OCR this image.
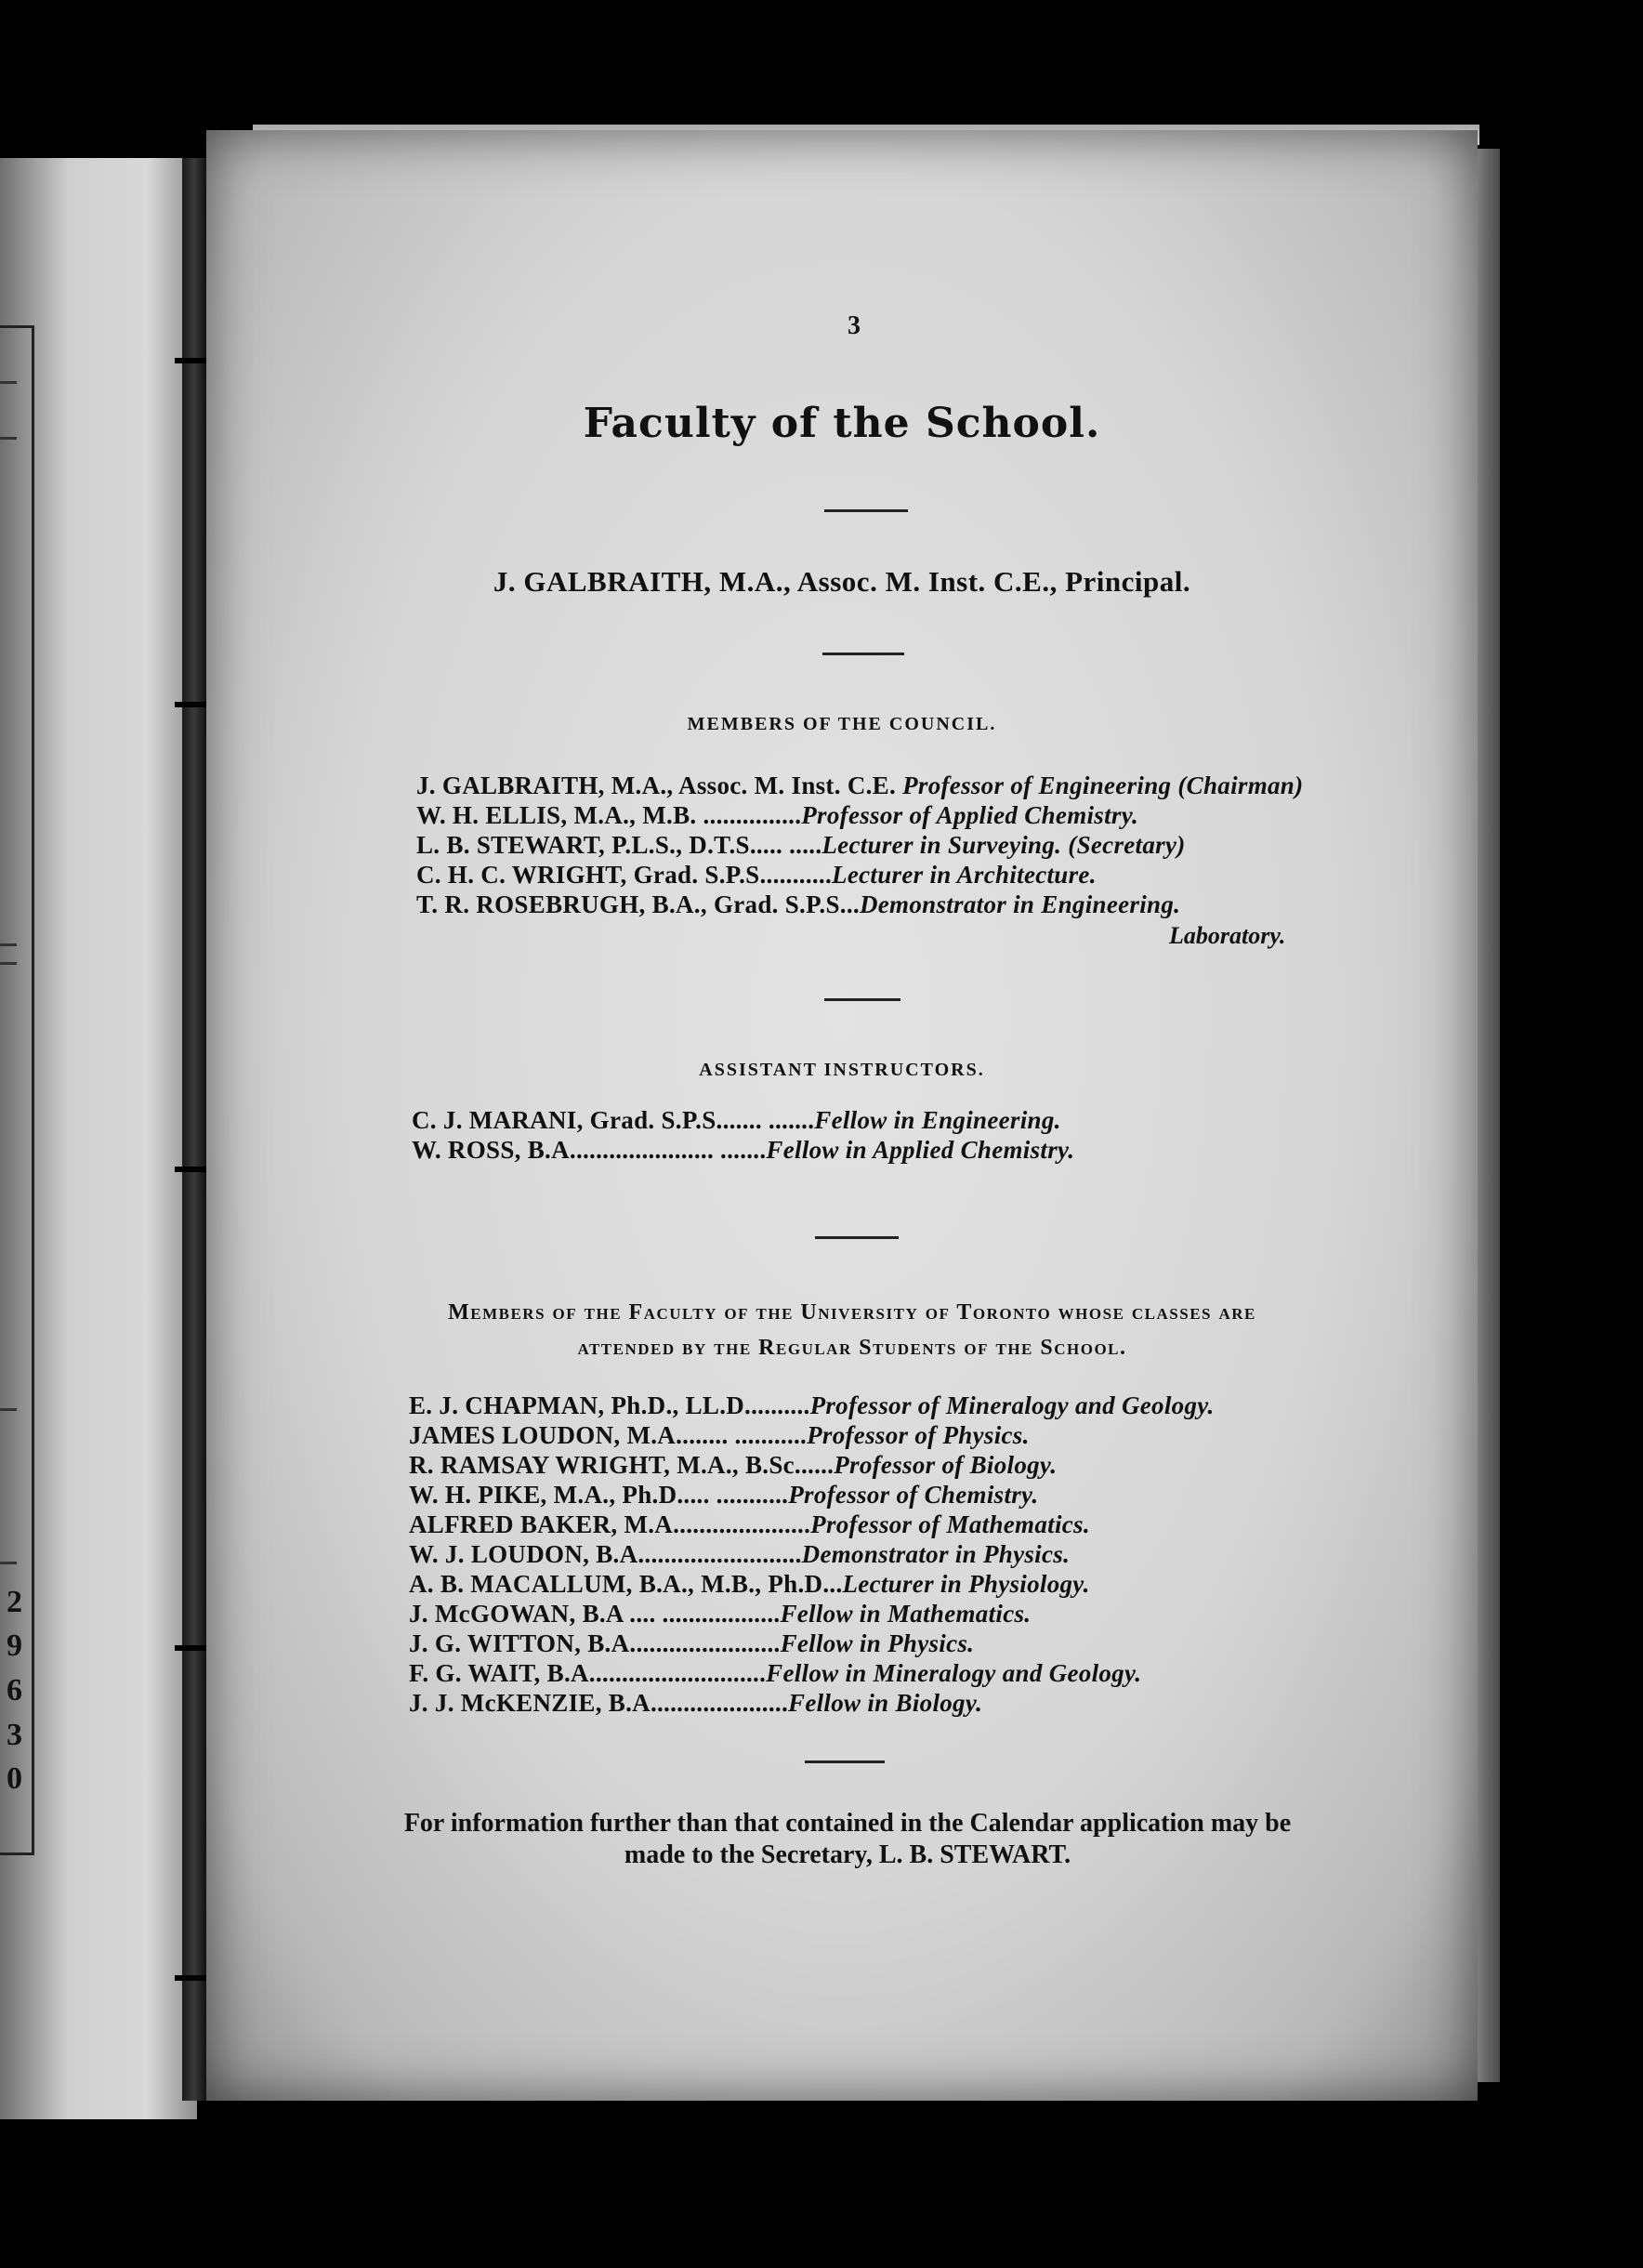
2
9
6
3
0
3
Faculty of the School.
J. GALBRAITH, M.A., Assoc. M. Inst. C.E., Principal.
MEMBERS OF THE COUNCIL.
J. GALBRAITH, M.A., Assoc. M. Inst. C.E. Professor of Engineering (Chairman)
W. H. ELLIS, M.A., M.B. ...............Professor of Applied Chemistry.
L. B. STEWART, P.L.S., D.T.S..... .....Lecturer in Surveying. (Secretary)
C. H. C. WRIGHT, Grad. S.P.S...........Lecturer in Architecture.
T. R. ROSEBRUGH, B.A., Grad. S.P.S...Demonstrator in Engineering.
Laboratory.
ASSISTANT INSTRUCTORS.
C. J. MARANI, Grad. S.P.S....... .......Fellow in Engineering.
W. ROSS, B.A...................... .......Fellow in Applied Chemistry.
Members of the Faculty of the University of Toronto whose classes are attended by the Regular Students of the School.
E. J. CHAPMAN, Ph.D., LL.D..........Professor of Mineralogy and Geology.
JAMES LOUDON, M.A........ ...........Professor of Physics.
R. RAMSAY WRIGHT, M.A., B.Sc......Professor of Biology.
W. H. PIKE, M.A., Ph.D..... ...........Professor of Chemistry.
ALFRED BAKER, M.A.....................Professor of Mathematics.
W. J. LOUDON, B.A.........................Demonstrator in Physics.
A. B. MACALLUM, B.A., M.B., Ph.D...Lecturer in Physiology.
J. McGOWAN, B.A .... ..................Fellow in Mathematics.
J. G. WITTON, B.A.......................Fellow in Physics.
F. G. WAIT, B.A...........................Fellow in Mineralogy and Geology.
J. J. McKENZIE, B.A.....................Fellow in Biology.
For information further than that contained in the Calendar application may be made to the Secretary, L. B. STEWART.
